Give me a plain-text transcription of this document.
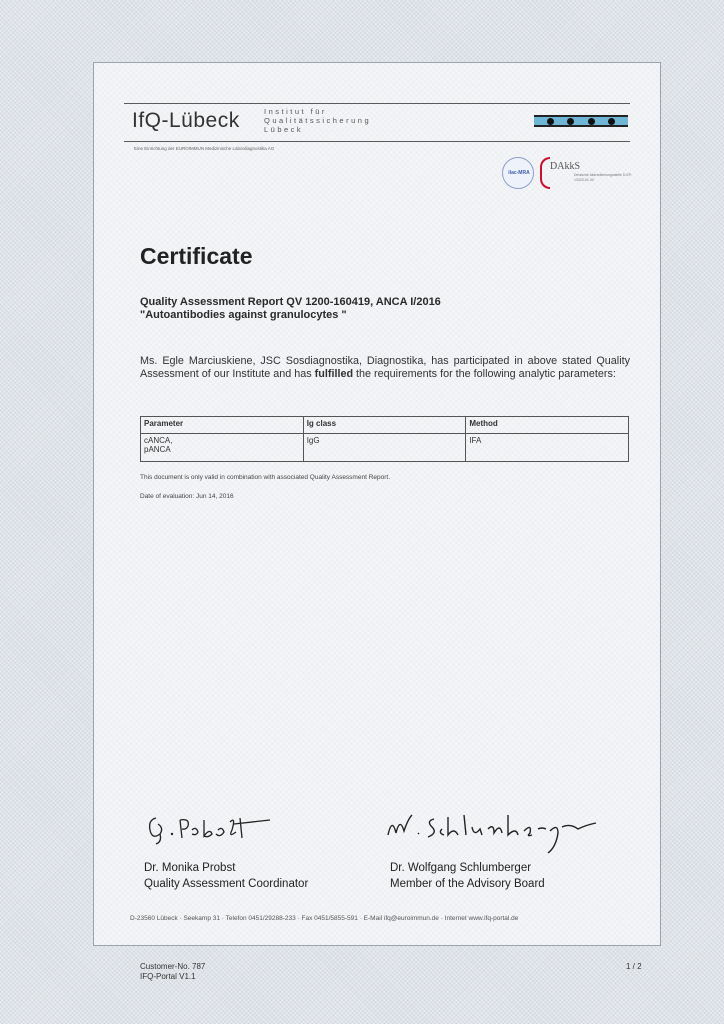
IfQ-Lübeck	Institut für
Qualitätssicherung
Lübeck
Eine Einrichtung der EUROIMMUN Medizinische Labordiagnostika AG
ilac-MRA
DAkkS
Deutsche Akkreditierungsstelle D-EP-13423-01-00
Certificate
Quality Assessment Report QV 1200-160419, ANCA I/2016
"Autoantibodies against granulocytes "
Ms. Egle Marciuskiene, JSC Sosdiagnostika, Diagnostika, has participated in above stated Quality Assessment of our Institute and has fulfilled the requirements for the following analytic parameters:
Parameter	Ig class	Method

cANCA,
pANCA	IgG	IFA
This document is only valid in combination with associated Quality Assessment Report.
Date of evaluation: Jun 14, 2016
Dr. Monika Probst
Quality Assessment Coordinator
Dr. Wolfgang Schlumberger
Member of the Advisory Board
D-23560 Lübeck · Seekamp 31 · Telefon 0451/29288-233 · Fax 0451/5855-591 · E-Mail ifq@euroimmun.de · Internet www.ifq-portal.de
Customer-No. 787
IFQ-Portal V1.1
1 / 2
